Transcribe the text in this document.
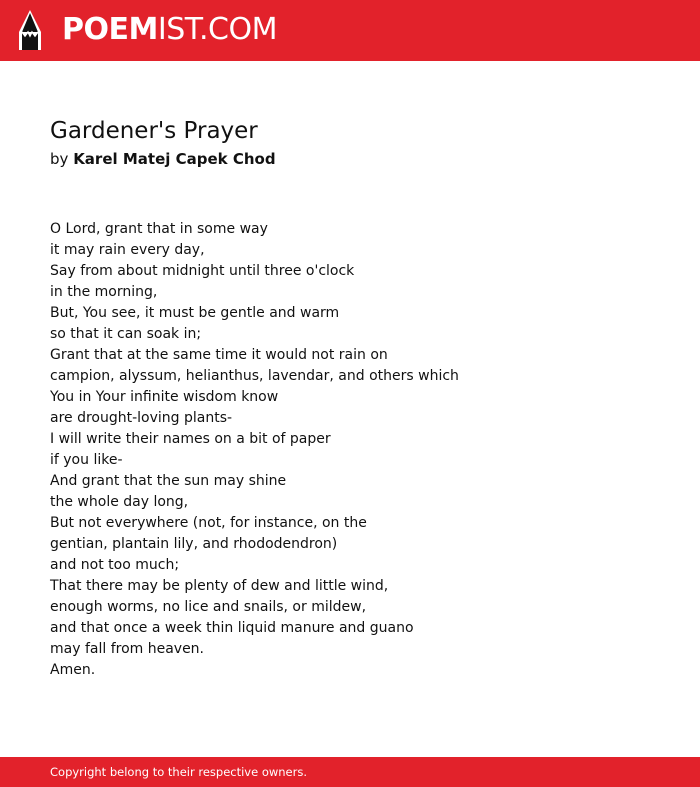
POEMIST.COM
Gardener's Prayer
by Karel Matej Capek Chod
O Lord, grant that in some way
it may rain every day,
Say from about midnight until three o'clock
in the morning,
But, You see, it must be gentle and warm
so that it can soak in;
Grant that at the same time it would not rain on
campion, alyssum, helianthus, lavendar, and others which
You in Your infinite wisdom know
are drought-loving plants-
I will write their names on a bit of paper
if you like-
And grant that the sun may shine
the whole day long,
But not everywhere (not, for instance, on the
gentian, plantain lily, and rhododendron)
and not too much;
That there may be plenty of dew and little wind,
enough worms, no lice and snails, or mildew,
and that once a week thin liquid manure and guano
may fall from heaven.
Amen.
Copyright belong to their respective owners.
